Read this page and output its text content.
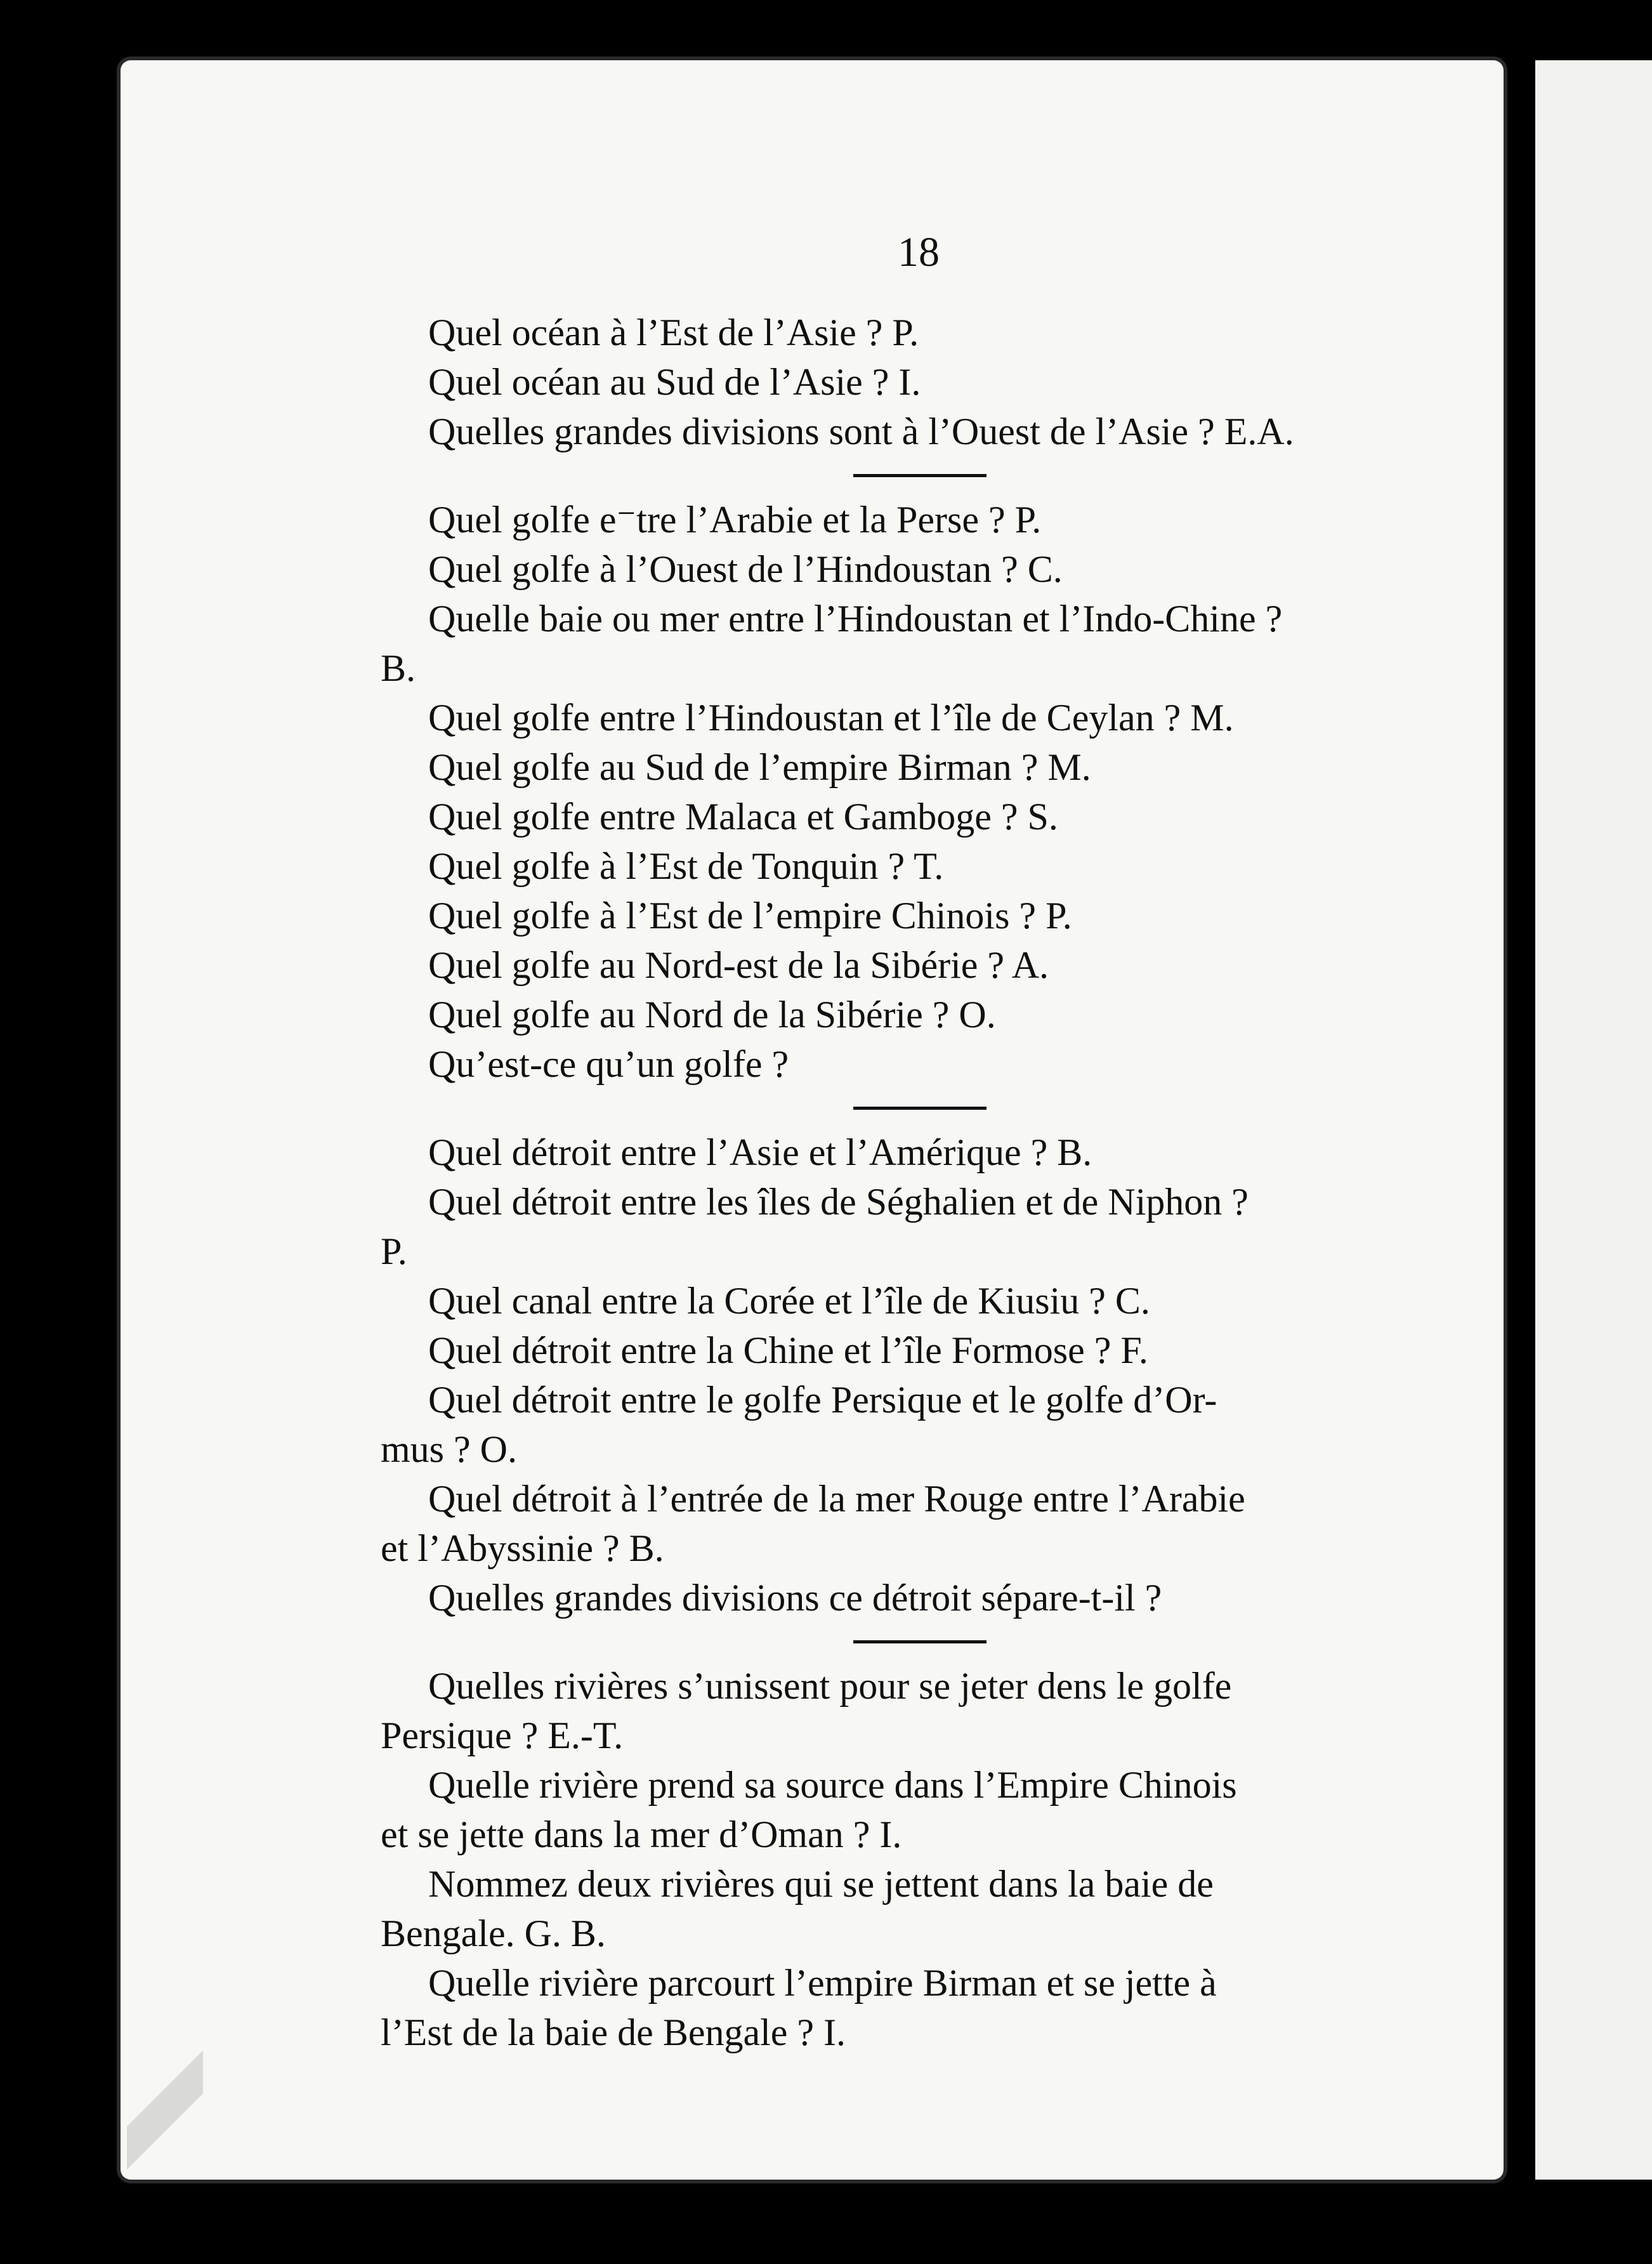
18
Quel océan à l’Est de l’Asie ? P.
Quel océan au Sud de l’Asie ? I.
Quelles grandes divisions sont à l’Ouest de l’Asie ? E.A.
Quel golfe e⁻tre l’Arabie et la Perse ? P.
Quel golfe à l’Ouest de l’Hindoustan ? C.
Quelle baie ou mer entre l’Hindoustan et l’Indo-Chine ?
B.
Quel golfe entre l’Hindoustan et l’île de Ceylan ? M.
Quel golfe au Sud de l’empire Birman ? M.
Quel golfe entre Malaca et Gamboge ? S.
Quel golfe à l’Est de Tonquin ? T.
Quel golfe à l’Est de l’empire Chinois ? P.
Quel golfe au Nord-est de la Sibérie ? A.
Quel golfe au Nord de la Sibérie ? O.
Qu’est-ce qu’un golfe ?
Quel détroit entre l’Asie et l’Amérique ? B.
Quel détroit entre les îles de Séghalien et de Niphon ?
P.
Quel canal entre la Corée et l’île de Kiusiu ? C.
Quel détroit entre la Chine et l’île Formose ? F.
Quel détroit entre le golfe Persique et le golfe d’Or-
mus ? O.
Quel détroit à l’entrée de la mer Rouge entre l’Arabie
et l’Abyssinie ? B.
Quelles grandes divisions ce détroit sépare-t-il ?
Quelles rivières s’unissent pour se jeter dens le golfe
Persique ? E.-T.
Quelle rivière prend sa source dans l’Empire Chinois
et se jette dans la mer d’Oman ? I.
Nommez deux rivières qui se jettent dans la baie de
Bengale. G. B.
Quelle rivière parcourt l’empire Birman et se jette à
l’Est de la baie de Bengale ? I.
